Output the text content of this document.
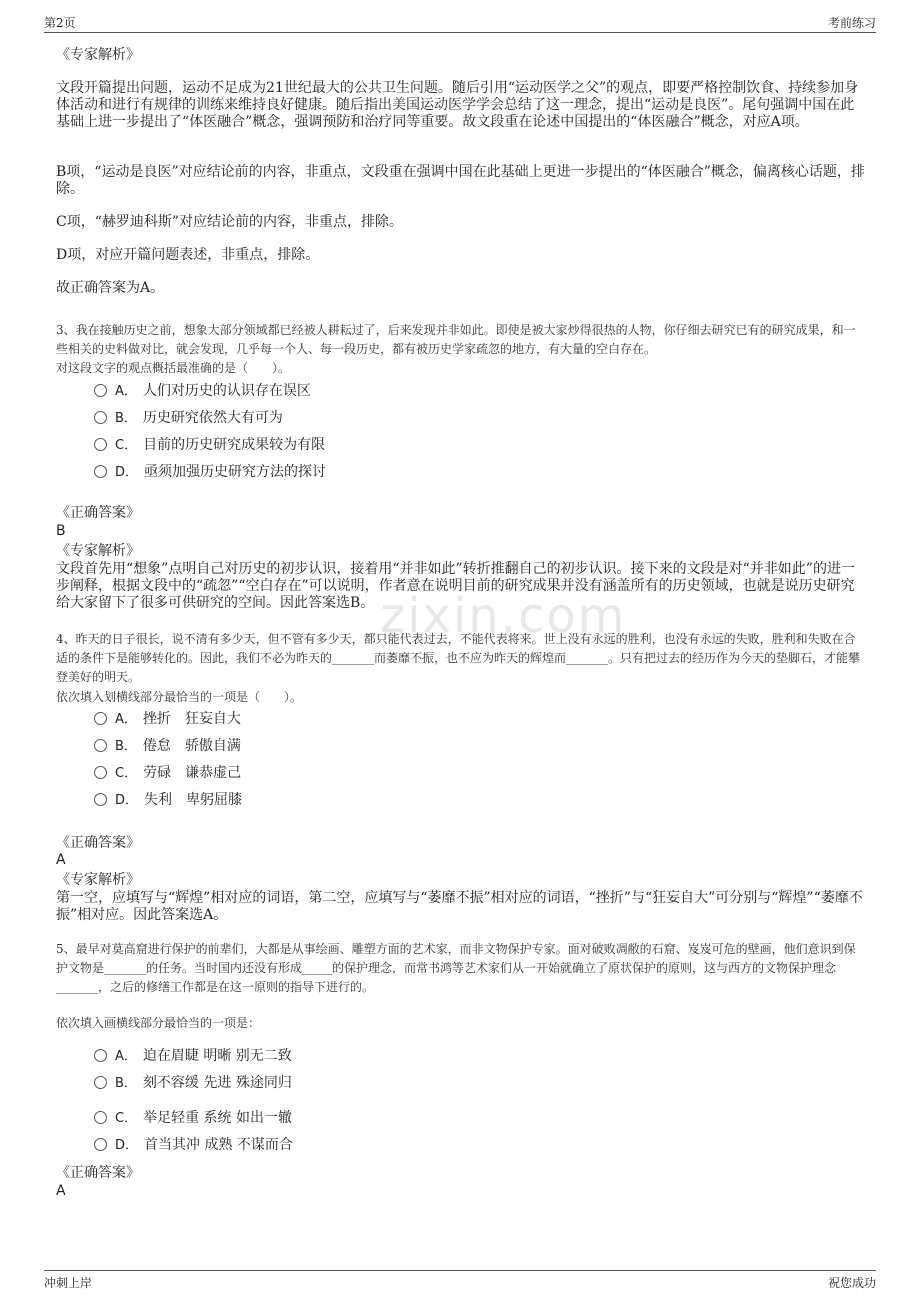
第2页	考前练习
zixin.com
《专家解析》
文段开篇提出问题，运动不足成为21世纪最大的公共卫生问题。随后引用“运动医学之父”的观点，即要严格控制饮食、持续参加身体活动和进行有规律的训练来维持良好健康。随后指出美国运动医学学会总结了这一理念，提出“运动是良医”。尾句强调中国在此基础上进一步提出了“体医融合”概念，强调预防和治疗同等重要。故文段重在论述中国提出的“体医融合”概念，对应A项。
B项，“运动是良医”对应结论前的内容，非重点，文段重在强调中国在此基础上更进一步提出的“体医融合”概念，偏离核心话题，排除。
C项，“赫罗迪科斯”对应结论前的内容，非重点，排除。
D项，对应开篇问题表述，非重点，排除。
故正确答案为A。
3、我在接触历史之前，想象大部分领域都已经被人耕耘过了，后来发现并非如此。即使是被大家炒得很热的人物，你仔细去研究已有的研究成果，和一些相关的史料做对比，就会发现，几乎每一个人、每一段历史，都有被历史学家疏忽的地方，有大量的空白存在。
对这段文字的观点概括最准确的是（　　）。
A． 人们对历史的认识存在误区
B． 历史研究依然大有可为
C． 目前的历史研究成果较为有限
D． 亟须加强历史研究方法的探讨
《正确答案》
B
《专家解析》
文段首先用“想象”点明自己对历史的初步认识，接着用“并非如此”转折推翻自己的初步认识。接下来的文段是对“并非如此”的进一步阐释，根据文段中的“疏忽”“空白存在”可以说明，作者意在说明目前的研究成果并没有涵盖所有的历史领域，也就是说历史研究给大家留下了很多可供研究的空间。因此答案选B。
4、昨天的日子很长，说不清有多少天，但不管有多少天，都只能代表过去，不能代表将来。世上没有永远的胜利，也没有永远的失败，胜利和失败在合适的条件下是能够转化的。因此，我们不必为昨天的_______而萎靡不振，也不应为昨天的辉煌而_______。只有把过去的经历作为今天的垫脚石，才能攀登美好的明天。
依次填入划横线部分最恰当的一项是（　　）。
A． 挫折　狂妄自大
B． 倦怠　骄傲自满
C． 劳碌　谦恭虚己
D． 失利　卑躬屈膝
《正确答案》
A
《专家解析》
第一空，应填写与“辉煌”相对应的词语，第二空，应填写与“萎靡不振”相对应的词语，“挫折”与“狂妄自大”可分别与“辉煌”“萎靡不振”相对应。因此答案选A。
5、最早对莫高窟进行保护的前辈们，大都是从事绘画、雕塑方面的艺术家，而非文物保护专家。面对破败凋敝的石窟、岌岌可危的壁画，他们意识到保护文物是_______的任务。当时国内还没有形成_____的保护理念，而常书鸿等艺术家们从一开始就确立了原状保护的原则，这与西方的文物保护理念_______，之后的修缮工作都是在这一原则的指导下进行的。
依次填入画横线部分最恰当的一项是：
A． 迫在眉睫 明晰 别无二致
B． 刻不容缓 先进 殊途同归
C． 举足轻重 系统 如出一辙
D． 首当其冲 成熟 不谋而合
《正确答案》
A
冲刺上岸	祝您成功
